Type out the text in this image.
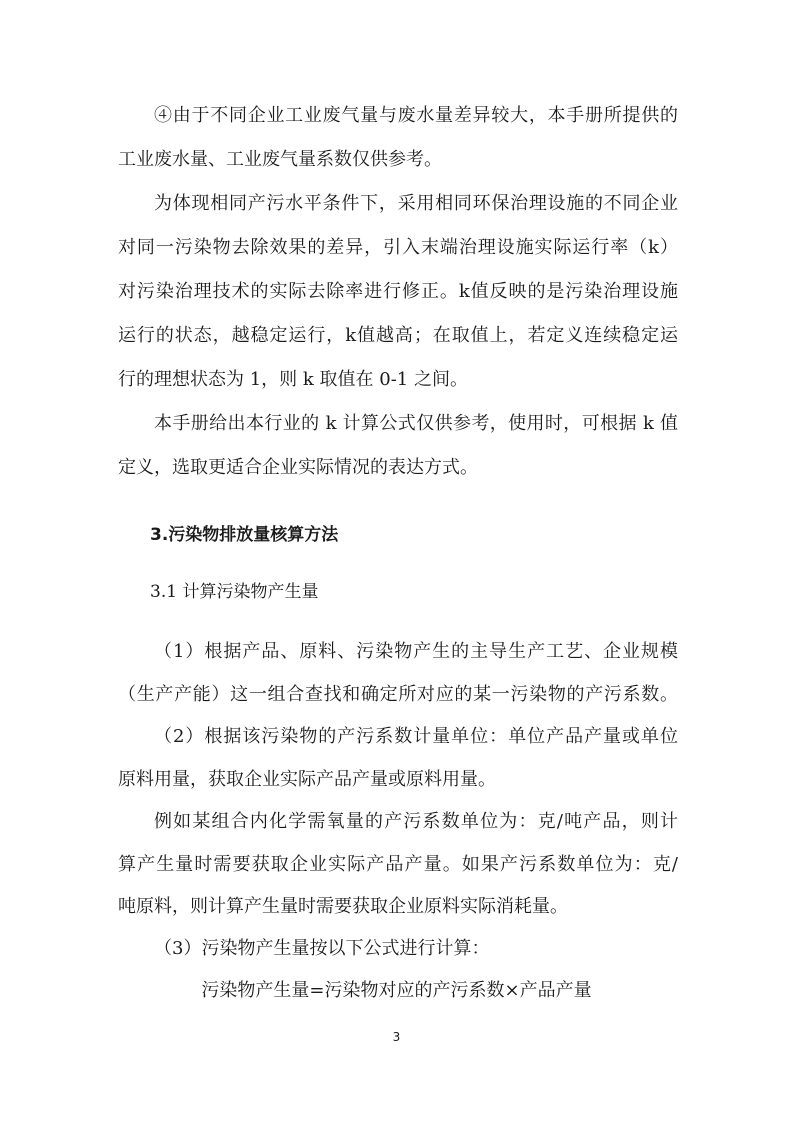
④由于不同企业工业废气量与废水量差异较大，本手册所提供的
工业废水量、工业废气量系数仅供参考。
为体现相同产污水平条件下，采用相同环保治理设施的不同企业
对同一污染物去除效果的差异，引入末端治理设施实际运行率（k）
对污染治理技术的实际去除率进行修正。k值反映的是污染治理设施
运行的状态，越稳定运行，k值越高；在取值上，若定义连续稳定运
行的理想状态为 1，则 k 取值在 0-1 之间。
本手册给出本行业的 k 计算公式仅供参考，使用时，可根据 k 值
定义，选取更适合企业实际情况的表达方式。
3.污染物排放量核算方法
3.1 计算污染物产生量
（1）根据产品、原料、污染物产生的主导生产工艺、企业规模
（生产产能）这一组合查找和确定所对应的某一污染物的产污系数。
（2）根据该污染物的产污系数计量单位：单位产品产量或单位
原料用量，获取企业实际产品产量或原料用量。
例如某组合内化学需氧量的产污系数单位为：克/吨产品，则计
算产生量时需要获取企业实际产品产量。如果产污系数单位为：克/
吨原料，则计算产生量时需要获取企业原料实际消耗量。
（3）污染物产生量按以下公式进行计算：
污染物产生量=污染物对应的产污系数×产品产量
3
